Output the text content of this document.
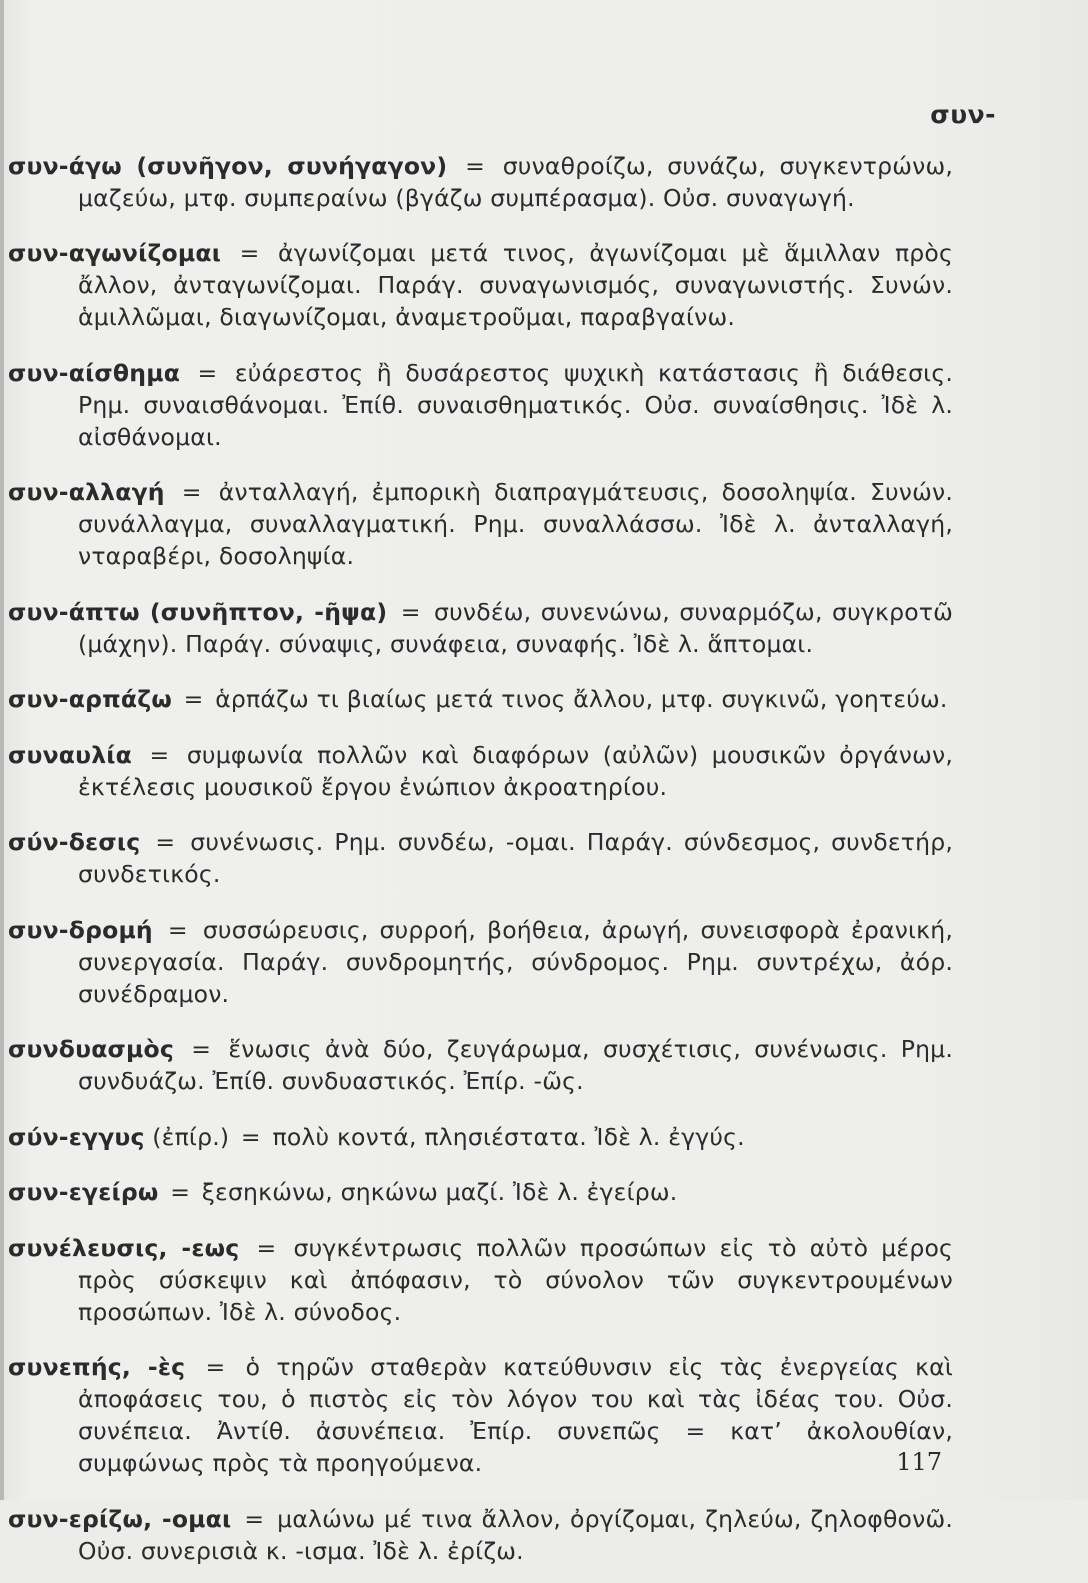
συν-

συν-άγω (συνῆγον, συνήγαγον) = συναθροίζω, συνάζω, συγκεντρώνω, μαζεύω, μτφ. συμπεραίνω (βγάζω συμπέρασμα). Οὐσ. συναγωγή.

συν-αγωνίζομαι = ἀγωνίζομαι μετά τινος, ἀγωνίζομαι μὲ ἅμιλλαν πρὸς ἄλλον, ἀνταγωνίζομαι. Παράγ. συναγωνισμός, συναγωνιστής. Συνών. ἁμιλλῶμαι, διαγωνίζομαι, ἀναμετροῦμαι, παραβγαίνω.

συν-αίσθημα = εὐάρεστος ἢ δυσάρεστος ψυχικὴ κατάστασις ἢ διάθεσις. Ρημ. συναισθάνομαι. Ἐπίθ. συναισθηματικός. Οὐσ. συναίσθησις. Ἰδὲ λ. αἰσθάνομαι.

συν-αλλαγή = ἀνταλλαγή, ἐμπορικὴ διαπραγμάτευσις, δοσοληψία. Συνών. συνάλλαγμα, συναλλαγματική. Ρημ. συναλλάσσω. Ἰδὲ λ. ἀνταλλαγή, νταραβέρι, δοσοληψία.

συν-άπτω (συνῆπτον, -ῆψα) = συνδέω, συνενώνω, συναρμόζω, συγκροτῶ (μάχην). Παράγ. σύναψις, συνάφεια, συναφής. Ἰδὲ λ. ἅπτομαι.

συν-αρπάζω = ἁρπάζω τι βιαίως μετά τινος ἄλλου, μτφ. συγκινῶ, γοητεύω.

συναυλία = συμφωνία πολλῶν καὶ διαφόρων (αὐλῶν) μουσικῶν ὀργάνων, ἐκτέλεσις μουσικοῦ ἔργου ἐνώπιον ἀκροατηρίου.

σύν-δεσις = συνένωσις. Ρημ. συνδέω, -ομαι. Παράγ. σύνδεσμος, συνδετήρ, συνδετικός.

συν-δρομή = συσσώρευσις, συρροή, βοήθεια, ἀρωγή, συνεισφορὰ ἐρανική, συνεργασία. Παράγ. συνδρομητής, σύνδρομος. Ρημ. συντρέχω, ἀόρ. συνέδραμον.

συνδυασμὸς = ἕνωσις ἀνὰ δύο, ζευγάρωμα, συσχέτισις, συνένωσις. Ρημ. συνδυάζω. Ἐπίθ. συνδυαστικός. Ἐπίρ. -ῶς.

σύν-εγγυς (ἐπίρ.) = πολὺ κοντά, πλησιέστατα. Ἰδὲ λ. ἐγγύς.

συν-εγείρω = ξεσηκώνω, σηκώνω μαζί. Ἰδὲ λ. ἐγείρω.

συνέλευσις, -εως = συγκέντρωσις πολλῶν προσώπων εἰς τὸ αὐτὸ μέρος πρὸς σύσκεψιν καὶ ἀπόφασιν, τὸ σύνολον τῶν συγκεντρουμένων προσώπων. Ἰδὲ λ. σύνοδος.

συνεπής, -ὲς = ὁ τηρῶν σταθερὰν κατεύθυνσιν εἰς τὰς ἐνεργείας καὶ ἀποφάσεις του, ὁ πιστὸς εἰς τὸν λόγον του καὶ τὰς ἰδέας του. Οὐσ. συνέπεια. Ἀντίθ. ἀσυνέπεια. Ἐπίρ. συνεπῶς = κατ’ ἀκολουθίαν, συμφώνως πρὸς τὰ προηγούμενα.

συν-ερίζω, -ομαι = μαλώνω μέ τινα ἄλλον, ὀργίζομαι, ζηλεύω, ζηλοφθονῶ. Οὐσ. συνερισιὰ κ. -ισμα. Ἰδὲ λ. ἐρίζω.

117
